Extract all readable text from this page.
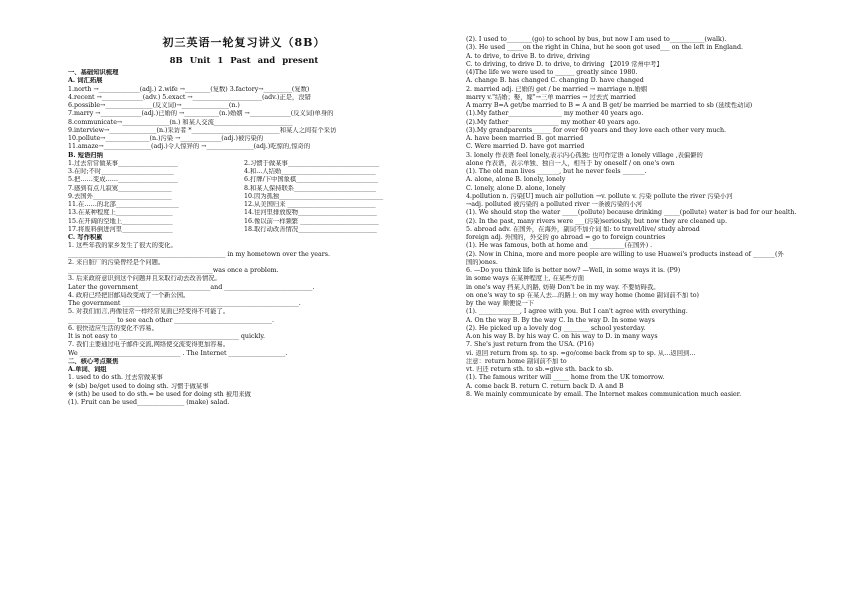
初三英语一轮复习讲义（8B）
8B Unit 1 Past and present
一、基础知识梳理
A. 词汇拓展
1.north →_____________(adj.) 2.wife →________(复数) 3.factory→_________(复数)
4.recent →_____________(adv.) 5.exact →______________________(adv.)正是，没错
6.possible→_______________(反义词)→_______________(n.)
7.marry →_____________(adj.)已婚的 →___________(n.)婚姻 →_____________(反义词)单身的
8.communicate→_______________(n.) 和某人交流_________________________
9.interview→_______________(n.)采访者 *____________________________和某人之间有个采访
10.pollute→______________(n.)污染 →_____________(adj.)被污染的
11.amaze→_______________(adj.)令人惊异的 →_______________(adj.)吃惊的,惊奇的
B. 短语归纳
1.过去常常做某事___________________	2.习惯于做某事_____________________________
3.在时;不时_______________________	4.和...人结婚______________________________
5.把……变成……___________________	6.打牌/下中国象棋__________________________
7.感到有点儿寂寞_________________	8.和某人保持联系__________________________
9.去国外_________________________	10.因为孤独_________________________________
11.在……的北部____________________	12.从美国归来 ____________________________
13.在某种程度上__________________	14.往河里排放废物_________________________
15.在开阔的空地上________________	16.像以前一样频繁 _________________________
17.将废料倒进河里________________	18.取行动改善情况_________________________
C. 写作积累
1. 这些年我的家乡发生了很大的变化。
__________________________________________________ in my hometown over the years.
2. 来自脏厂的污染曾经是个问题。
______________________________________________was once a problem.
3. 后来政府意识到这个问题并且采取行动去改善情况。
Later the government_______________________and ____________________________.
4. 政府已经把旧邮局改变成了一个新公园。
The government ________________________________________________________.
5. 对我们而言,再像往常一样经常见面已经变得不可能了。
_______________ to see each other _______________________________.
6. 很快适应生活的变化不容易。
It is not easy to ______________________________________ quickly.
7. 我们主要通过电子邮件交流,网络使交流变得更加容易。
We ________________________________ . The Internet __________________.
二、核心考点聚焦
A.单词、词组
1. used to do sth. 过去常做某事
※ (sb) be/get used to doing sth. 习惯于做某事
※ (sth) be used to do sth.= be used for doing sth 被用来做
(1). Fruit can be used_______________ (make) salad.
(2). I used to________(go) to school by bus, but now I am used to___________(walk).
(3). He used _____on the right in China, but he soon got used___ on the left in England.
A. to drive, to drive B. to drive, driving
C. to driving, to drive D. to drive, to driving 【2019 常州中考】
(4)The life we were used to ______ greatly since 1980.
A. change B. has changed C. changing D. have changed
2. married adj. 已婚的 get / be married → marriage n.婚姻
marry v."结婚；娶，嫁"→三单 marries → 过去式 married
A marry B=A get/be married to B = A and B get/ be married be married to sb (延续性动词)
(1).My father_________________ my mother 40 years ago.
(2).My father________________ my mother 40 years ago.
(3).My grandparents______ for over 60 years and they love each other very much.
A. have been married B. got married
C. Were married D. have got married
3. lonely 作表语 feel lonely,表示内心孤独; 也可作定语 a lonely village ,表偏僻的
alone 作表语，表示单独、独自一人，相当于 by oneself / on one's own
(1). The old man lives _______, but he never feels _______.
A. alone, alone B. lonely, lonely
C. lonely, alone D. alone, lonely
4.pollution n. 污染[U] much air pollution →v. pollute v. 污染 pollute the river 污染小河
→adj. polluted 被污染的 a polluted river 一条被污染的小河
(1). We should stop the water _____(pollute) because drinking _____(pollute) water is bad for our health.
(2). In the past, many rivers were ___(污染)seriously, but now they are cleaned up.
5. abroad adv. 在国外，在海外，副词不加介词 如: to travel/live/ study abroad
foreign adj. 外国的，外交的 go abroad = go to foreign countries
(1). He was famous, both at home and ___________(在国外) .
(2). Now in China, more and more people are willing to use Huawei's products instead of _______(外
国的)ones.
6. —Do you think life is better now? —Well, in some ways it is. (P9)
in some ways 在某种程度上, 在某些方面
in one's way 挡某人的路, 妨碍 Don't be in my way. 不要妨碍我。
on one's way to sp 在某人去…的路上 on my way home (home 副词前不加 to)
by the way 顺便说一下
(1). _____________, I agree with you. But I can't agree with everything.
A. On the way B. By the way C. In the way D. In some ways
(2). He picked up a lovely dog ________ school yesterday.
A.on his way B. by his way C. on his way to D. in many ways
7. She's just return from the USA. (P16)
vi. 返回 return from sp. to sp. =go/come back from sp to sp. 从…返回到…
注意：return home 副词前不加 to
vt. 归还 return sth. to sb.=give sth. back to sb.
(1). The famous writer will _____ home from the UK tomorrow.
A. come back B. return C. return back D. A and B
8. We mainly communicate by email. The Internet makes communication much easier.
